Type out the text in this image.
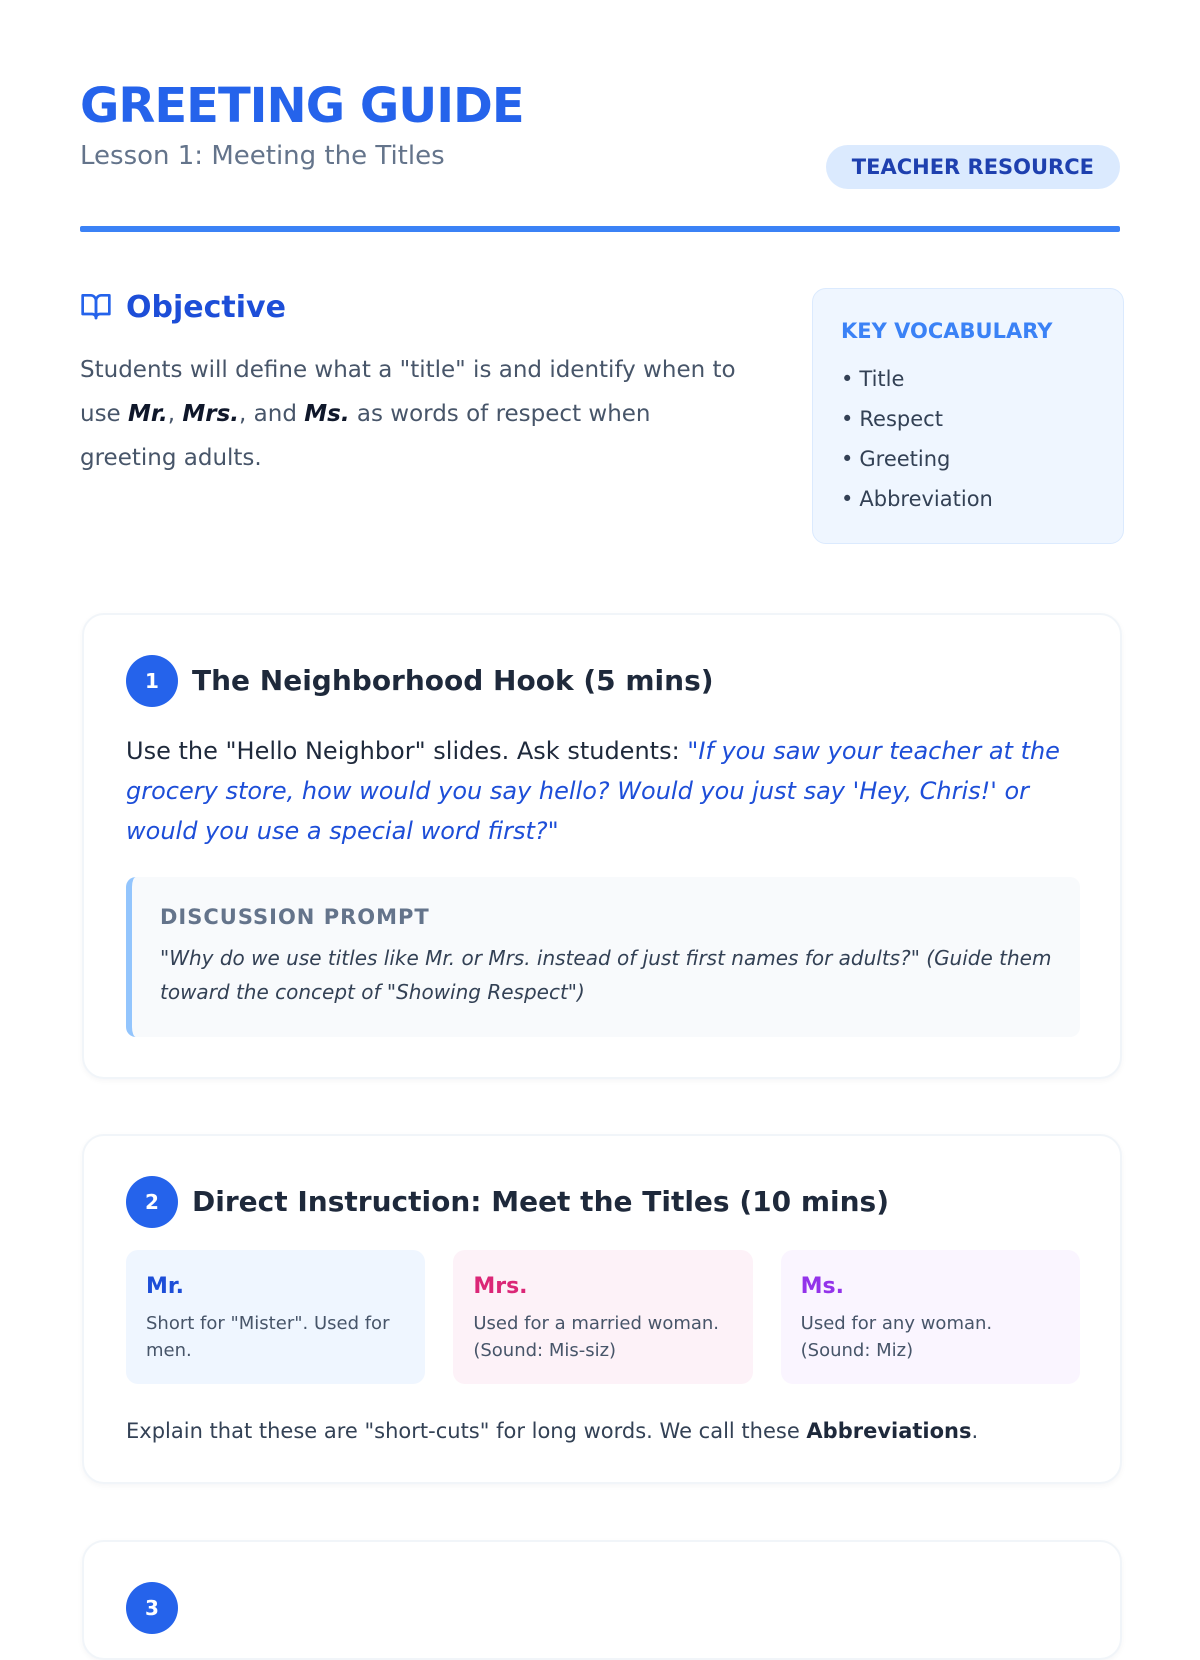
GREETING GUIDE
Lesson 1: Meeting the Titles	TEACHER RESOURCE
Objective

Students will define what a "title" is and identify when to use Mr., Mrs., and Ms. as words of respect when greeting adults.

KEY VOCABULARY
• Title
• Respect
• Greeting
• Abbreviation
1	The Neighborhood Hook (5 mins)

Use the "Hello Neighbor" slides. Ask students: "If you saw your teacher at the grocery store, how would you say hello? Would you just say 'Hey, Chris!' or would you use a special word first?"

DISCUSSION PROMPT
"Why do we use titles like Mr. or Mrs. instead of just first names for adults?" (Guide them toward the concept of "Showing Respect")
2	Direct Instruction: Meet the Titles (10 mins)
Mr.
Short for "Mister". Used for men.
Mrs.
Used for a married woman. (Sound: Mis-siz)
Ms.
Used for any woman. (Sound: Miz)

Explain that these are "short-cuts" for long words. We call these Abbreviations.

3
